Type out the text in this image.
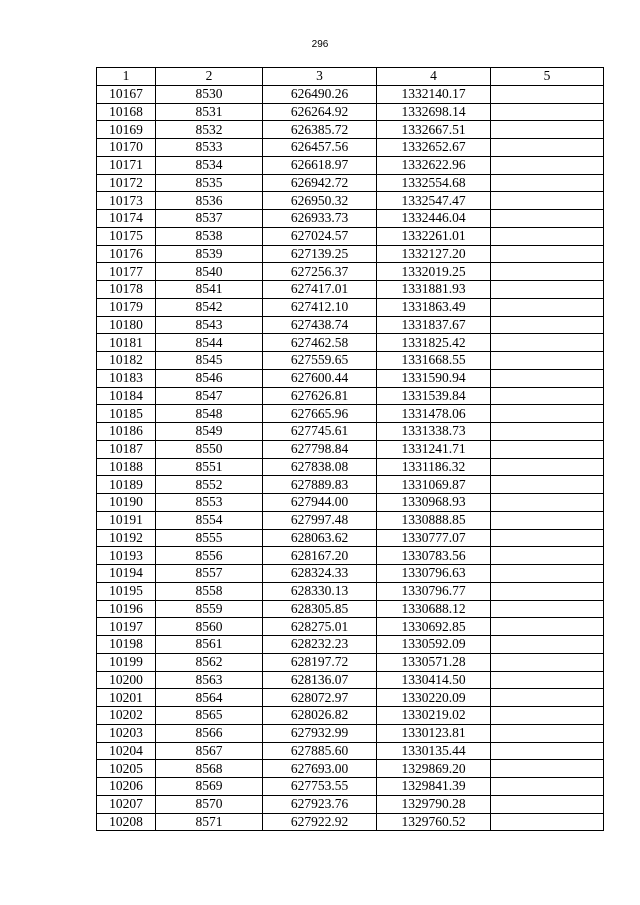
296
1	2	3	4	5
10167	8530	626490.26	1332140.17	
10168	8531	626264.92	1332698.14	
10169	8532	626385.72	1332667.51	
10170	8533	626457.56	1332652.67	
10171	8534	626618.97	1332622.96	
10172	8535	626942.72	1332554.68	
10173	8536	626950.32	1332547.47	
10174	8537	626933.73	1332446.04	
10175	8538	627024.57	1332261.01	
10176	8539	627139.25	1332127.20	
10177	8540	627256.37	1332019.25	
10178	8541	627417.01	1331881.93	
10179	8542	627412.10	1331863.49	
10180	8543	627438.74	1331837.67	
10181	8544	627462.58	1331825.42	
10182	8545	627559.65	1331668.55	
10183	8546	627600.44	1331590.94	
10184	8547	627626.81	1331539.84	
10185	8548	627665.96	1331478.06	
10186	8549	627745.61	1331338.73	
10187	8550	627798.84	1331241.71	
10188	8551	627838.08	1331186.32	
10189	8552	627889.83	1331069.87	
10190	8553	627944.00	1330968.93	
10191	8554	627997.48	1330888.85	
10192	8555	628063.62	1330777.07	
10193	8556	628167.20	1330783.56	
10194	8557	628324.33	1330796.63	
10195	8558	628330.13	1330796.77	
10196	8559	628305.85	1330688.12	
10197	8560	628275.01	1330692.85	
10198	8561	628232.23	1330592.09	
10199	8562	628197.72	1330571.28	
10200	8563	628136.07	1330414.50	
10201	8564	628072.97	1330220.09	
10202	8565	628026.82	1330219.02	
10203	8566	627932.99	1330123.81	
10204	8567	627885.60	1330135.44	
10205	8568	627693.00	1329869.20	
10206	8569	627753.55	1329841.39	
10207	8570	627923.76	1329790.28	
10208	8571	627922.92	1329760.52	
